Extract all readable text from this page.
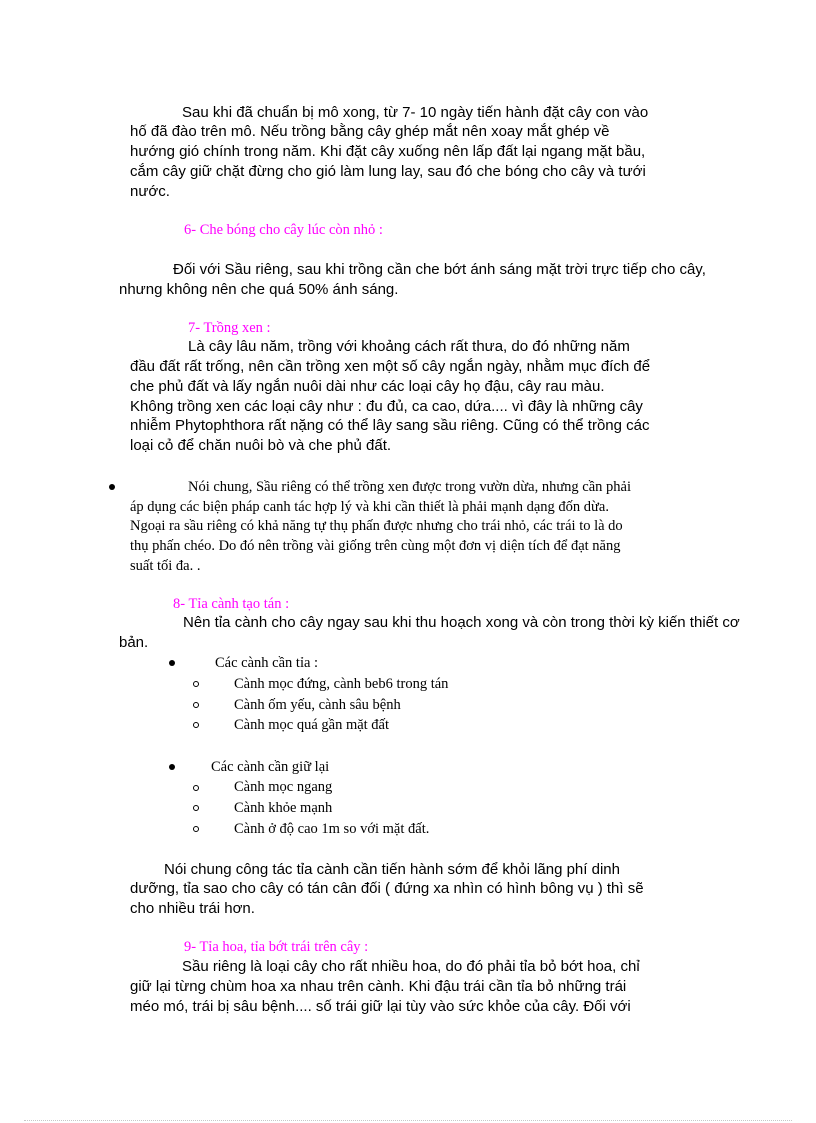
Sau khi đã chuẩn bị mô xong, từ 7- 10 ngày tiến hành đặt cây con vào
hố đã đào trên mô. Nếu trồng bằng cây ghép mắt nên xoay mắt ghép về
hướng gió chính trong năm. Khi đặt cây xuống nên lấp đất lại ngang mặt bầu,
cắm cây giữ chặt đừng cho gió làm lung lay, sau đó che bóng cho cây và tưới
nước.
6- Che bóng cho cây lúc còn nhỏ :
Đối với Sầu riêng, sau khi trồng cần che bớt ánh sáng mặt trời trực tiếp cho cây,
nhưng không nên che quá 50% ánh sáng.
7- Trồng xen :
Là cây lâu năm, trồng với khoảng cách rất thưa, do đó những năm
đầu đất rất trống, nên cần trồng xen một số cây ngắn ngày, nhằm mục đích để
che phủ đất và lấy ngắn nuôi dài như các loại cây họ đậu, cây rau màu.
Không trồng xen các loại cây như : đu đủ, ca cao, dứa.... vì đây là những cây
nhiễm Phytophthora rất nặng có thể lây sang sầu riêng. Cũng có thể trồng các
loại cỏ để chăn nuôi bò và che phủ đất.
Nói chung, Sầu riêng có thể trồng xen được trong vườn dừa, nhưng cần phải
áp dụng các biện pháp canh tác hợp lý và khi cần thiết là phải mạnh dạng đốn dừa.
Ngoại ra sầu riêng có khả năng tự thụ phấn được nhưng cho trái nhỏ, các trái to là do
thụ phấn chéo. Do đó nên trồng vài giống trên cùng một đơn vị diện tích để đạt năng
suất tối đa. .
8- Tỉa cành tạo tán :
Nên tỉa cành cho cây ngay sau khi thu hoạch xong và còn trong thời kỳ kiến thiết cơ
bản.
Các cành cần tỉa :
Cành mọc đứng, cành beb6 trong tán
Cành ốm yếu, cành sâu bệnh
Cành mọc quá gần mặt đất
Các cành cần giữ lại
Cành mọc ngang
Cành khỏe mạnh
Cành ở độ cao 1m so với mặt đất.
Nói chung công tác tỉa cành cần tiến hành sớm để khỏi lãng phí dinh
dưỡng, tỉa sao cho cây có tán cân đối ( đứng xa nhìn có hình bông vụ ) thì sẽ
cho nhiều trái hơn.
9- Tỉa hoa, tỉa bớt trái trên cây :
Sầu riêng là loại cây cho rất nhiều hoa, do đó phải tỉa bỏ bớt hoa, chỉ
giữ lại từng chùm hoa xa nhau trên cành. Khi đậu trái cần tỉa bỏ những trái
méo mó, trái bị sâu bệnh.... số trái giữ lại tùy vào sức khỏe của cây. Đối với
